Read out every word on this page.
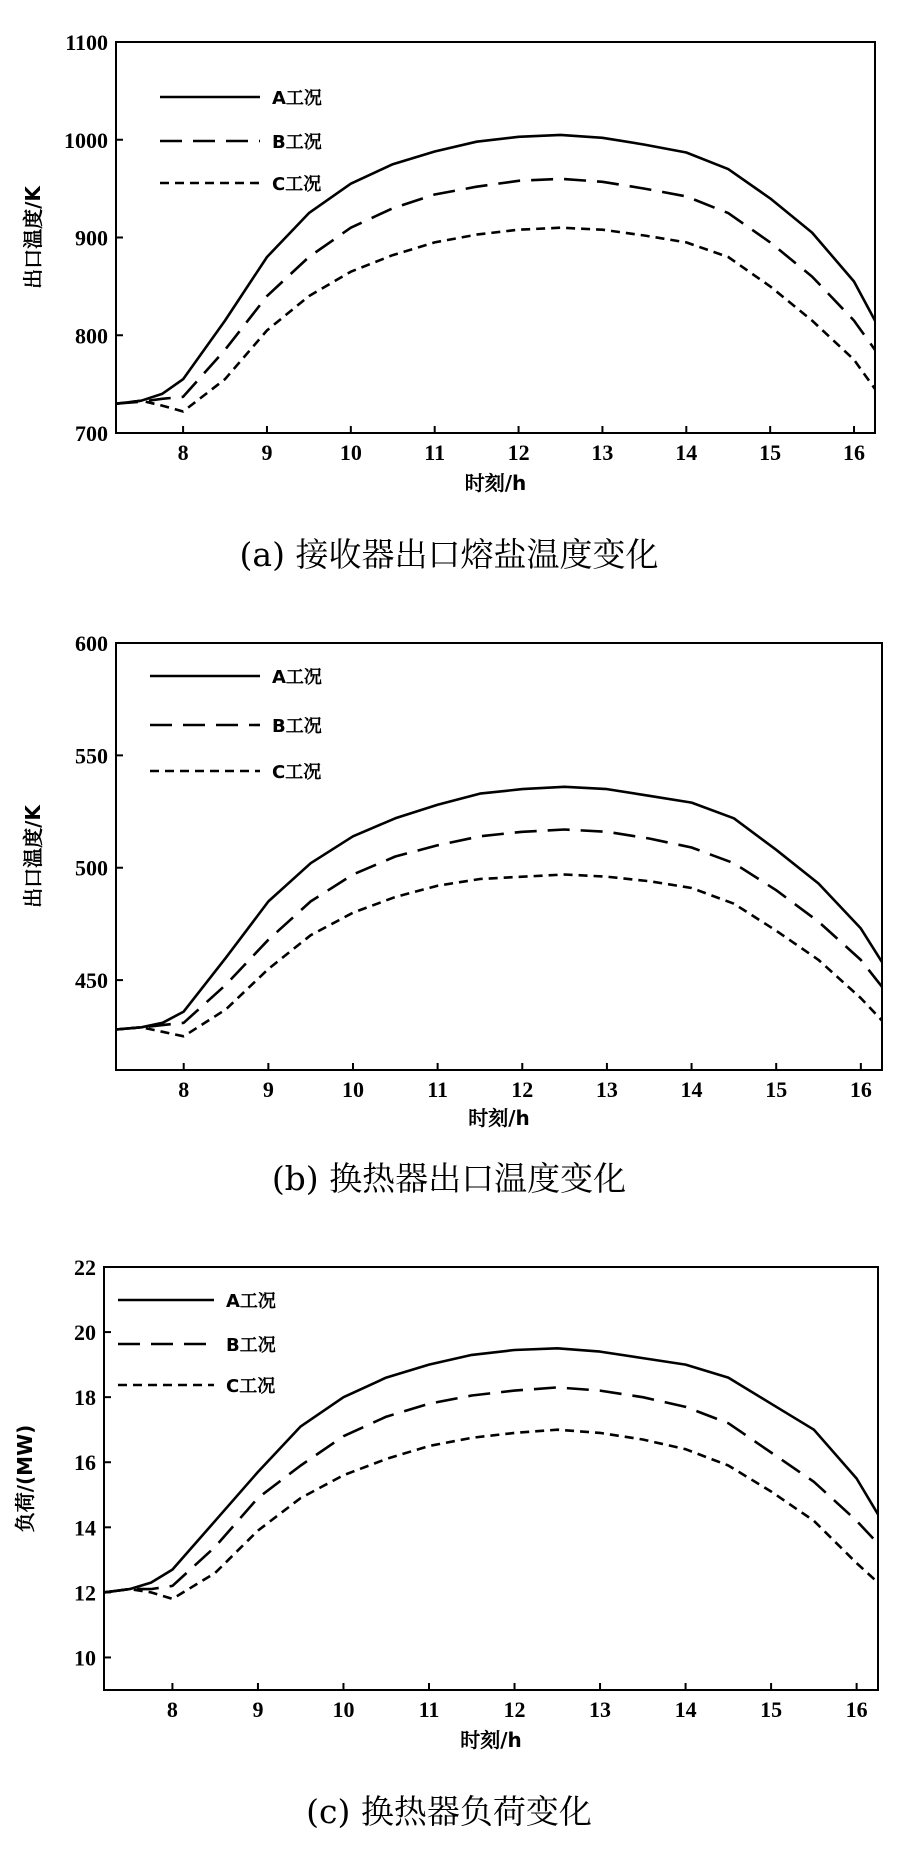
8	9	10	11	12	13	14	15	16
700
800
900
1000
1100
时刻/h
出口温度/K
A工况
B工况
C工况
(a) 接收器出口熔盐温度变化
8	9	10	11	12	13	14	15	16
450
500
550
600
时刻/h
出口温度/K
A工况
B工况
C工况
(b) 换热器出口温度变化
8	9	10	11	12	13	14	15	16
10
12
14
16
18
20
22
时刻/h
负荷/(MW)
A工况
B工况
C工况
(c) 换热器负荷变化
